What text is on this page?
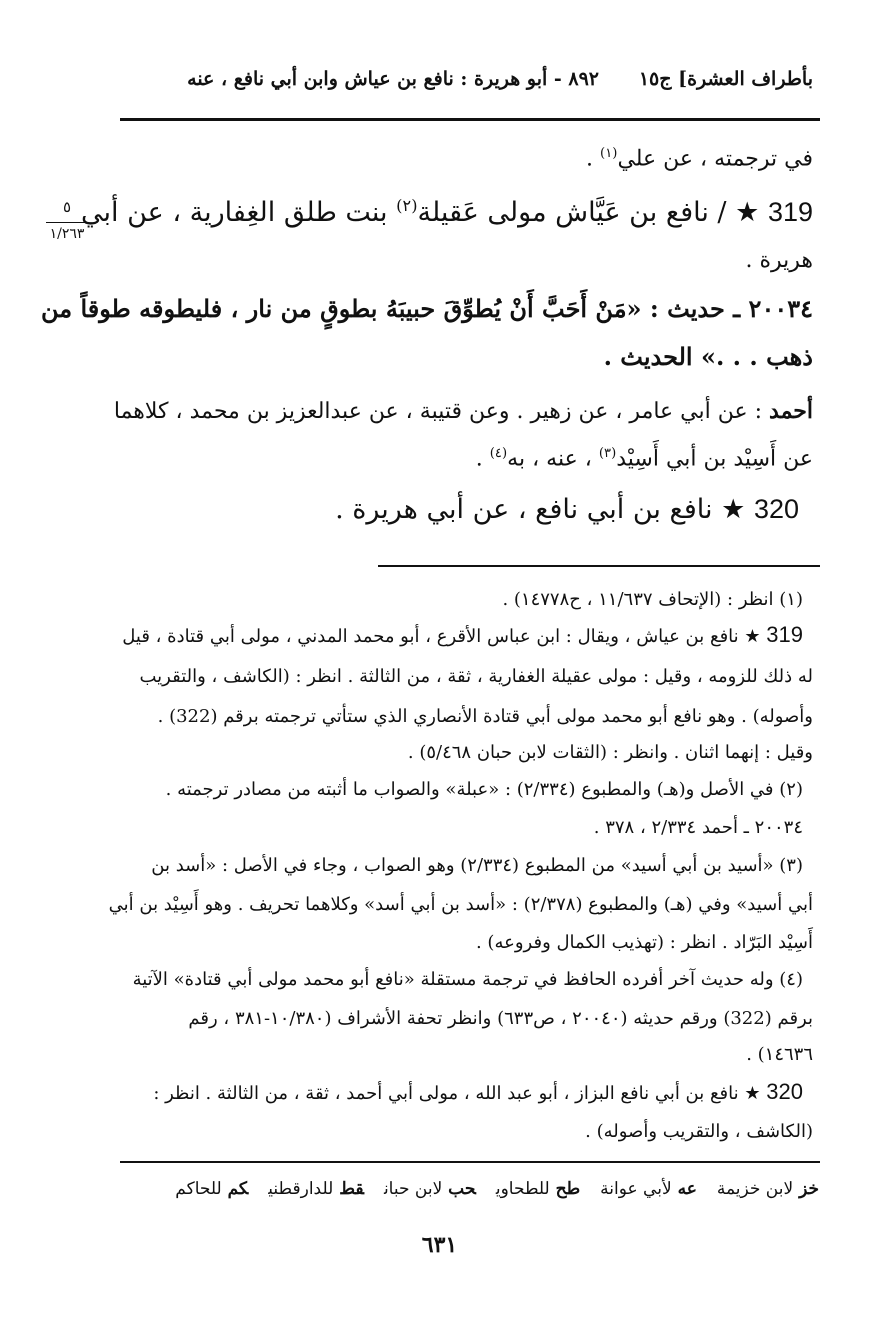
بأطراف العشرة] ج١٥
٨٩٢ - أبو هريرة : نافع بن عياش وابن أبي نافع ، عنه
٥
١/٢٦٣
في ترجمته ، عن علي$^{(١)}$ .
319 ★ / نافع بن عَيَّاش مولى عَقيلة$^{(٢)}$ بنت طلق الغِفارية ، عن أبي
هريرة .
٢٠٠٣٤ ـ حديث : «مَنْ أَحَبَّ أَنْ يُطوِّقَ حبيبَهُ بطوقٍ من نار ، فليطوقه طوقاً من
ذهب . . .» الحديث .
أحمد : عن أبي عامر ، عن زهير . وعن قتيبة ، عن عبدالعزيز بن محمد ، كلاهما
عن أَسِيْد بن أبي أَسِيْد$^{(٣)}$ ، عنه ، به$^{(٤)}$ .
320 ★ نافع بن أبي نافع ، عن أبي هريرة .
(١) انظر : (الإتحاف ١١/٦٣٧ ، ح١٤٧٧٨) .
319 ★ نافع بن عياش ، ويقال : ابن عباس الأقرع ، أبو محمد المدني ، مولى أبي قتادة ، قيل
له ذلك للزومه ، وقيل : مولى عقيلة الغفارية ، ثقة ، من الثالثة . انظر : (الكاشف ، والتقريب
وأصوله) . وهو نافع أبو محمد مولى أبي قتادة الأنصاري الذي ستأتي ترجمته برقم (322) .
وقيل : إنهما اثنان . وانظر : (الثقات لابن حبان ٥/٤٦٨) .
(٢) في الأصل و(هـ) والمطبوع (٢/٣٣٤) : «عبلة» والصواب ما أثبته من مصادر ترجمته .
٢٠٠٣٤ ـ أحمد ٢/٣٣٤ ، ٣٧٨ .
(٣) «أسيد بن أبي أسيد» من المطبوع (٢/٣٣٤) وهو الصواب ، وجاء في الأصل : «أسد بن
أبي أسيد» وفي (هـ) والمطبوع (٢/٣٧٨) : «أسد بن أبي أسد» وكلاهما تحريف . وهو أَسِيْد بن أبي
أَسِيْد البَرّاد . انظر : (تهذيب الكمال وفروعه) .
(٤) وله حديث آخر أفرده الحافظ في ترجمة مستقلة «نافع أبو محمد مولى أبي قتادة» الآتية
برقم (322) ورقم حديثه (٢٠٠٤٠ ، ص٦٣٣) وانظر تحفة الأشراف (١٠/٣٨٠-٣٨١ ، رقم
١٤٦٣٦) .
320 ★ نافع بن أبي نافع البزاز ، أبو عبد الله ، مولى أبي أحمد ، ثقة ، من الثالثة . انظر :
(الكاشف ، والتقريب وأصوله) .
خز لابن خزيمةعه لأبي عوانةطح للطحاويحب لابن حبانقط للدارقطنيكم للحاكم
٦٣١
